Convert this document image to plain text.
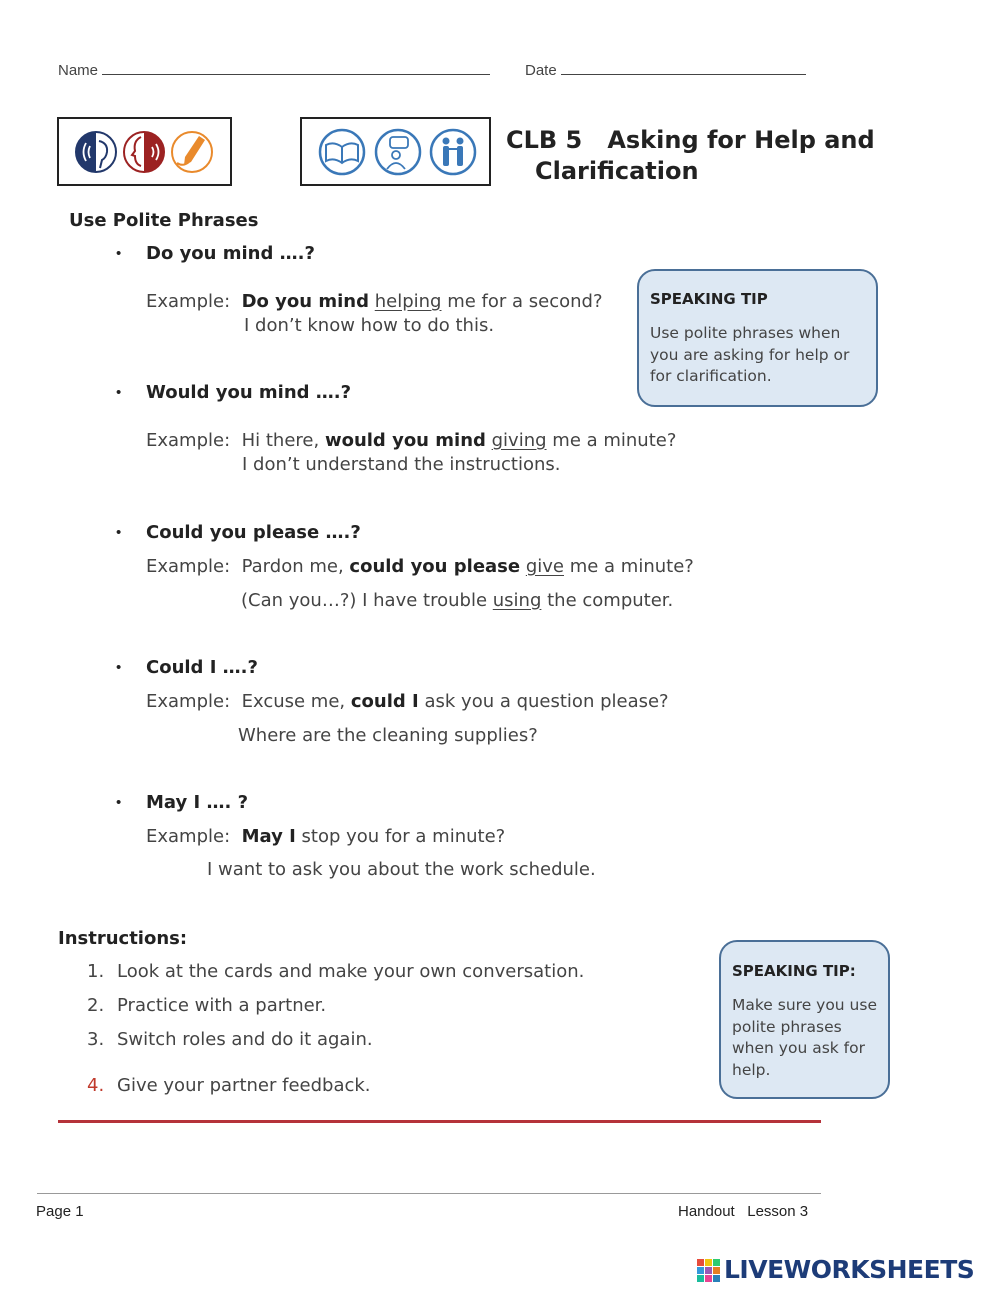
Name	Date
CLB 5   Asking for Help and
Clarification
Use Polite Phrases
• Do you mind ….?
Example: Do you mind helping me for a second?
I don’t know how to do this.
SPEAKING TIP
Use polite phrases when you are asking for help or for clarification.
• Would you mind ….?
Example: Hi there, would you mind giving me a minute?
I don’t understand the instructions.
• Could you please ….?
Example: Pardon me, could you please give me a minute?
(Can you…?) I have trouble using the computer.
• Could I ….?
Example: Excuse me, could I ask you a question please?
Where are the cleaning supplies?
• May I …. ?
Example: May I stop you for a minute?
I want to ask you about the work schedule.
Instructions:
1. Look at the cards and make your own conversation.
2. Practice with a partner.
3. Switch roles and do it again.
4. Give your partner feedback.
SPEAKING TIP:
Make sure you use polite phrases when you ask for help.
Page 1	Handout Lesson 3
LIVEWORKSHEETS
